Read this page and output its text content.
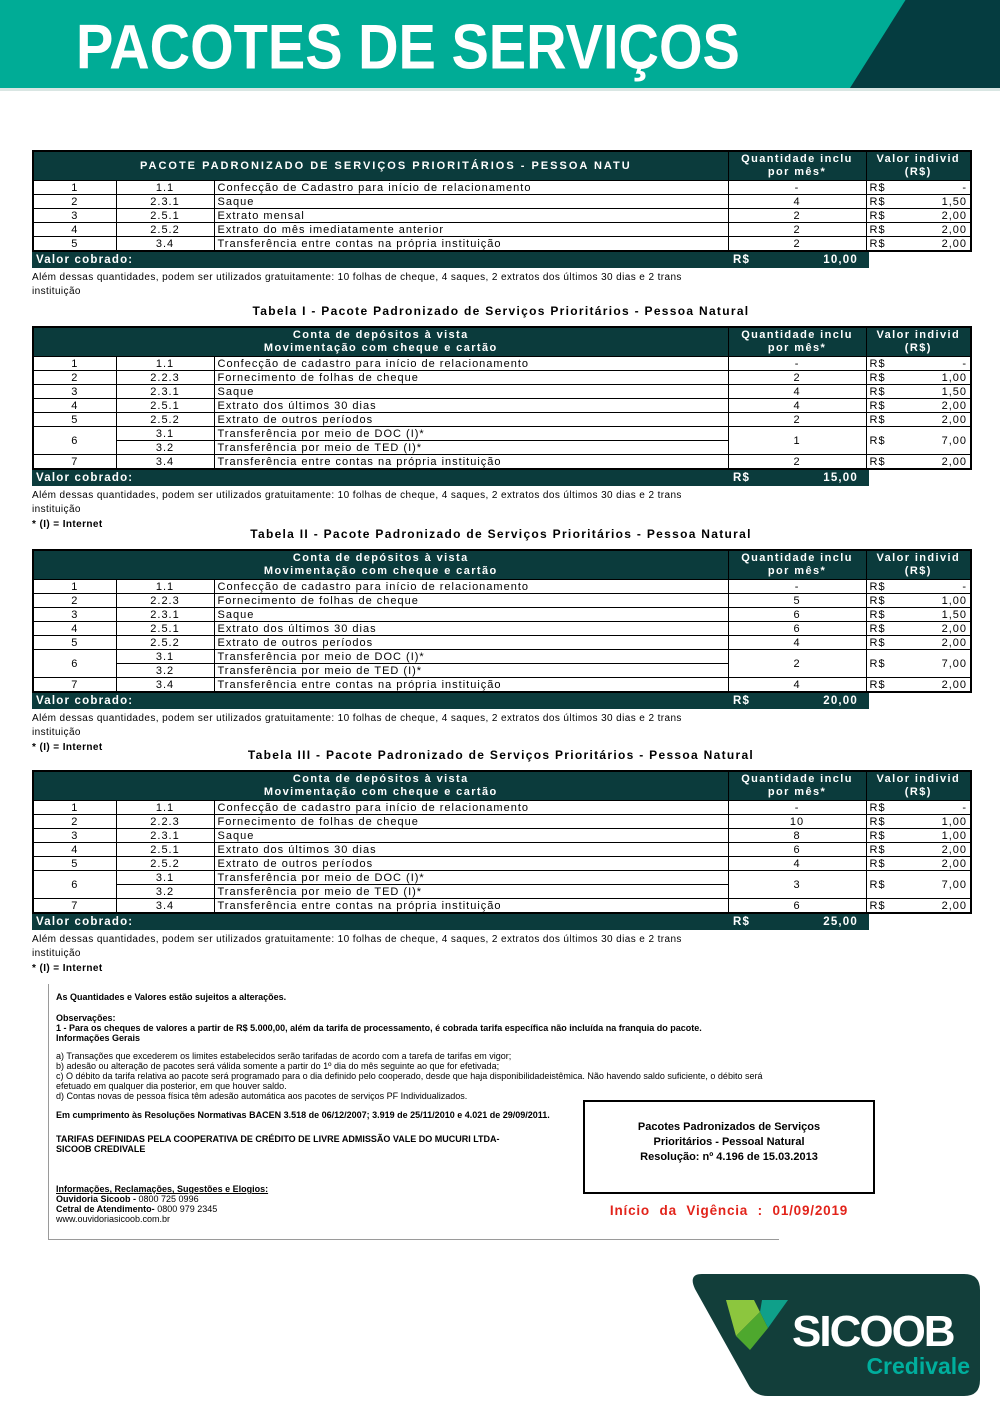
PACOTES DE SERVIÇOS
PACOTE PADRONIZADO DE SERVIÇOS PRIORITÁRIOS - PESSOA NATU

Quantidade inclu
por mês*

Valor individ
(R$)

1	1.1	Confecção de Cadastro para início de relacionamento	-	R$ -

2	2.3.1	Saque	4	R$ 1,50

3	2.5.1	Extrato mensal	2	R$ 2,00

4	2.5.2	Extrato do mês imediatamente anterior	2	R$ 2,00

5	3.4	Transferência entre contas na própria instituição	2	R$ 2,00
Valor cobrado:	R$	10,00
Além dessas quantidades, podem ser utilizados gratuitamente: 10 folhas de cheque, 4 saques, 2 extratos dos últimos 30 dias e 2 trans
instituição
Tabela I - Pacote Padronizado de Serviços Prioritários - Pessoa Natural
Conta de depósitos à vista
Movimentação com cheque e cartão

Quantidade inclu
por mês*

Valor individ
(R$)

1	1.1	Confecção de cadastro para início de relacionamento	-	R$ -

2	2.2.3	Fornecimento de folhas de cheque	2	R$ 1,00

3	2.3.1	Saque	4	R$ 1,50

4	2.5.1	Extrato dos últimos 30 dias	4	R$ 2,00

5	2.5.2	Extrato de outros períodos	2	R$ 2,00

6	3.1	Transferência por meio de DOC (I)*	1	R$ 7,00

	3.2	Transferência por meio de TED (I)*		
7	3.4	Transferência entre contas na própria instituição	2	R$ 2,00
Valor cobrado:	R$	15,00
Além dessas quantidades, podem ser utilizados gratuitamente: 10 folhas de cheque, 4 saques, 2 extratos dos últimos 30 dias e 2 trans
instituição
* (I) = Internet
Tabela II - Pacote Padronizado de Serviços Prioritários - Pessoa Natural
Conta de depósitos à vista
Movimentação com cheque e cartão

Quantidade inclu
por mês*

Valor individ
(R$)

1	1.1	Confecção de cadastro para início de relacionamento	-	R$ -

2	2.2.3	Fornecimento de folhas de cheque	5	R$ 1,00

3	2.3.1	Saque	6	R$ 1,50

4	2.5.1	Extrato dos últimos 30 dias	6	R$ 2,00

5	2.5.2	Extrato de outros períodos	4	R$ 2,00

6	3.1	Transferência por meio de DOC (I)*	2	R$ 7,00

	3.2	Transferência por meio de TED (I)*		
7	3.4	Transferência entre contas na própria instituição	4	R$ 2,00
Valor cobrado:	R$	20,00
Além dessas quantidades, podem ser utilizados gratuitamente: 10 folhas de cheque, 4 saques, 2 extratos dos últimos 30 dias e 2 trans
instituição
* (I) = Internet
Tabela III - Pacote Padronizado de Serviços Prioritários - Pessoa Natural
Conta de depósitos à vista
Movimentação com cheque e cartão

Quantidade inclu
por mês*

Valor individ
(R$)

1	1.1	Confecção de cadastro para início de relacionamento	-	R$ -

2	2.2.3	Fornecimento de folhas de cheque	10	R$ 1,00

3	2.3.1	Saque	8	R$ 1,00

4	2.5.1	Extrato dos últimos 30 dias	6	R$ 2,00

5	2.5.2	Extrato de outros períodos	4	R$ 2,00

6	3.1	Transferência por meio de DOC (I)*	3	R$ 7,00

	3.2	Transferência por meio de TED (I)*		
7	3.4	Transferência entre contas na própria instituição	6	R$ 2,00
Valor cobrado:	R$	25,00
Além dessas quantidades, podem ser utilizados gratuitamente: 10 folhas de cheque, 4 saques, 2 extratos dos últimos 30 dias e 2 trans
instituição
* (I) = Internet
As Quantidades e Valores estão sujeitos a alterações.
Observações:
1 - Para os cheques de valores a partir de R$ 5.000,00, além da tarifa de processamento, é cobrada tarifa específica não incluída na franquia do pacote.
Informações Gerais
a) Transações que excederem os limites estabelecidos serão tarifadas de acordo com a tarefa de tarifas em vigor;
b) adesão ou alteração de pacotes será válida somente a partir do 1º dia do mês seguinte ao que for efetivada;
c) O débito da tarifa relativa ao pacote será programado para o dia definido pelo cooperado, desde que haja disponibilidadeistêmica. Não havendo saldo suficiente, o débito será
efetuado em qualquer dia posterior, em que houver saldo.
d) Contas novas de pessoa física têm adesão automática aos pacotes de serviços PF Individualizados.
Em cumprimento às Resoluções Normativas BACEN 3.518 de 06/12/2007; 3.919 de 25/11/2010 e 4.021 de 29/09/2011.
TARIFAS DEFINIDAS PELA COOPERATIVA DE CRÉDITO DE LIVRE ADMISSÃO VALE DO MUCURI LTDA-
SICOOB CREDIVALE
Informações, Reclamações, Sugestões e Elogios:
Ouvidoria Sicoob - 0800 725 0996
Cetral de Atendimento- 0800 979 2345
www.ouvidoriasicoob.com.br
Pacotes Padronizados de Serviços
Prioritários - Pessoal Natural
Resolução: nº 4.196 de 15.03.2013
Início da Vigência : 01/09/2019
SICOOB
Credivale
